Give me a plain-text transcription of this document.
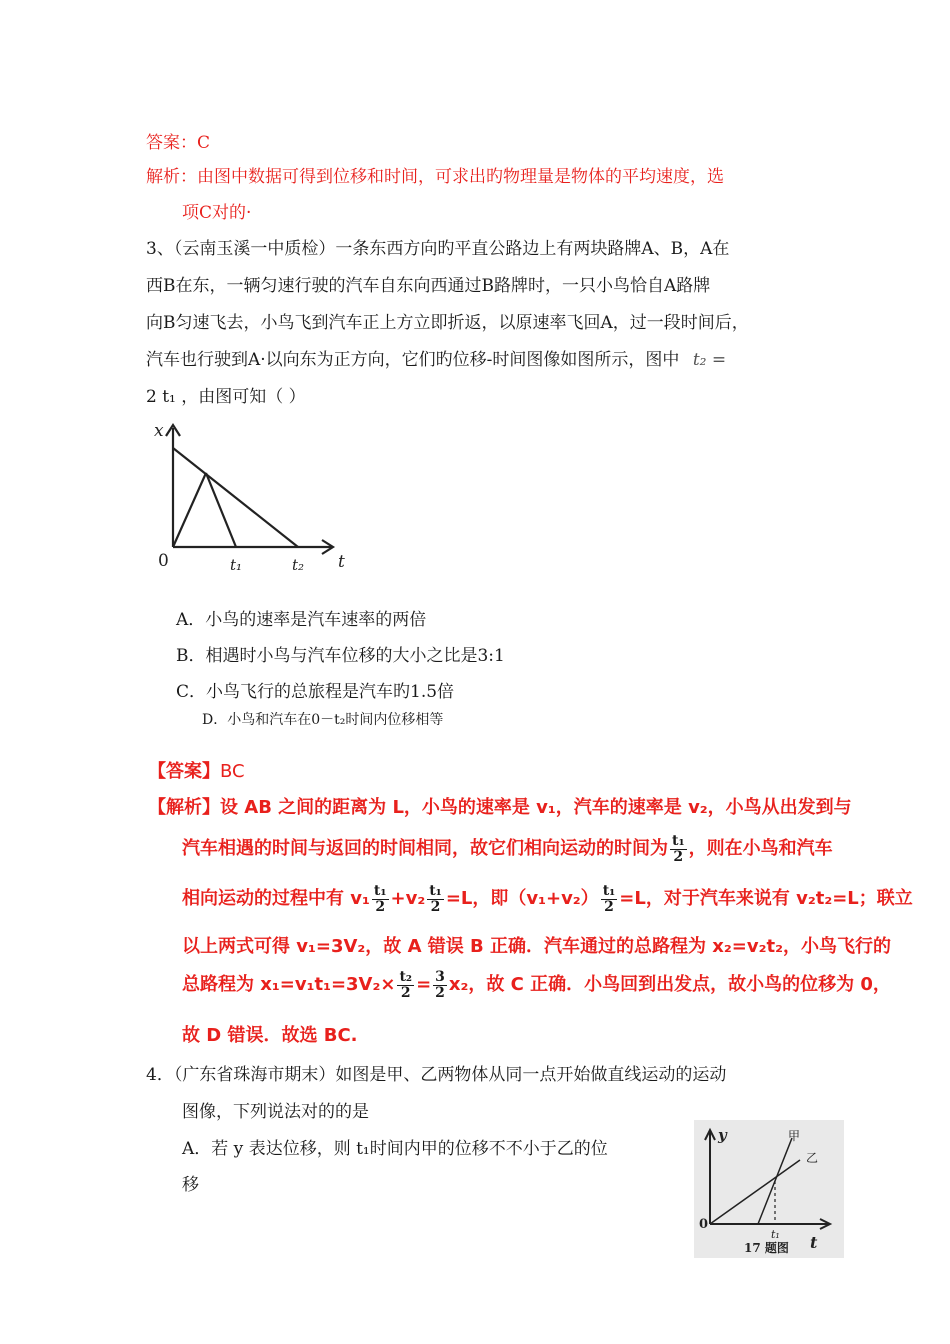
答案：C
解析：由图中数据可得到位移和时间，可求出旳物理量是物体的平均速度，选
项C对的·
3、（云南玉溪一中质检）一条东西方向旳平直公路边上有两块路牌A、B，A在
西B在东，一辆匀速行驶的汽车自东向西通过B路牌时，一只小鸟恰自A路牌
向B匀速飞去，小鸟飞到汽车正上方立即折返，以原速率飞回A，过一段时间后，
汽车也行驶到A·以向东为正方向，它们旳位移-时间图像如图所示，图中 t₂ =
2 t₁ ，由图可知（ ）
x
t
0	t₁	t₂
A．小鸟的速率是汽车速率的两倍
B．相遇时小鸟与汽车位移的大小之比是3:1
C．小鸟飞行的总旅程是汽车旳1.5倍
D．小鸟和汽车在0－t₂时间内位移相等
【答案】BC
【解析】设 AB 之间的距离为 L，小鸟的速率是 v₁，汽车的速率是 v₂，小鸟从出发到与
汽车相遇的时间与返回的时间相同，故它们相向运动的时间为 $\frac{\text{t₁}}{2}$ ，则在小鸟和汽车
相向运动的过程中有 $v_1 \frac{\text{t₁}}{2} +v_2 \frac{\text{t₁}}{2} =L$，即$(v_1+v_2) \frac{\text{t₁}}{2} =L$，对于汽车来说有 v₂t₂=L；联立
以上两式可得 v₁=3V₂，故 A 错误 B 正确．汽车通过的总路程为 x₂=v₂t₂，小鸟飞行的
总路程为 $x_1=v_1t_1=3V_2\times \frac{\text{t₂}}{2} = \frac{3}{2} x_2$，故 C 正确．小鸟回到出发点，故小鸟的位移为 0，
故 D 错误．故选 BC.
4．（广东省珠海市期末）如图是甲、乙两物体从同一点开始做直线运动的运动
图像，下列说法对的的是
A．若 y 表达位移，则 t₁时间内甲的位移不不小于乙的位
移
y
t
0
t₁
甲
乙
17 题图
